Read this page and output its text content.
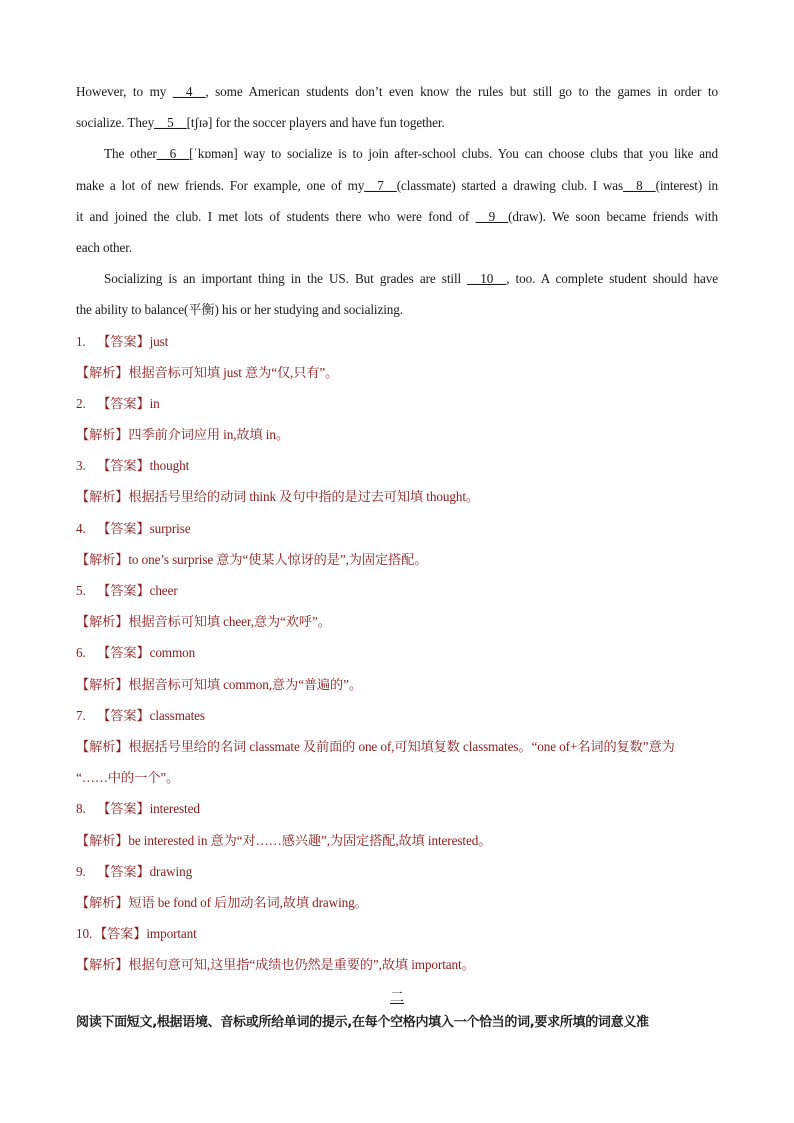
However, to my __4__, some American students don’t even know the rules but still go to the games in order to
socialize. They__5__[tʃɪə] for the soccer players and have fun together.
The other__6__[ˈkɒmən] way to socialize is to join after-school clubs. You can choose clubs that you like and
make a lot of new friends. For example, one of my__7__(classmate) started a drawing club. I was__8__(interest) in
it and joined the club. I met lots of students there who were fond of __9__(draw). We soon became friends with
each other.
Socializing is an important thing in the US. But grades are still __10__, too. A complete student should have
the ability to balance(平衡) his or her studying and socializing.
1. 【答案】just
【解析】根据音标可知填 just 意为“仅,只有”。
2. 【答案】in
【解析】四季前介词应用 in,故填 in。
3. 【答案】thought
【解析】根据括号里给的动词 think 及句中指的是过去可知填 thought。
4. 【答案】surprise
【解析】to one’s surprise 意为“使某人惊讶的是”,为固定搭配。
5. 【答案】cheer
【解析】根据音标可知填 cheer,意为“欢呼”。
6. 【答案】common
【解析】根据音标可知填 common,意为“普遍的”。
7. 【答案】classmates
【解析】根据括号里给的名词 classmate 及前面的 one of,可知填复数 classmates。“one of+名词的复数”意为
“……中的一个”。
8. 【答案】interested
【解析】be interested in 意为“对……感兴趣”,为固定搭配,故填 interested。
9. 【答案】drawing
【解析】短语 be fond of 后加动名词,故填 drawing。
10. 【答案】important
【解析】根据句意可知,这里指“成绩也仍然是重要的”,故填 important。
二
阅读下面短文,根据语境、音标或所给单词的提示,在每个空格内填入一个恰当的词,要求所填的词意义准
